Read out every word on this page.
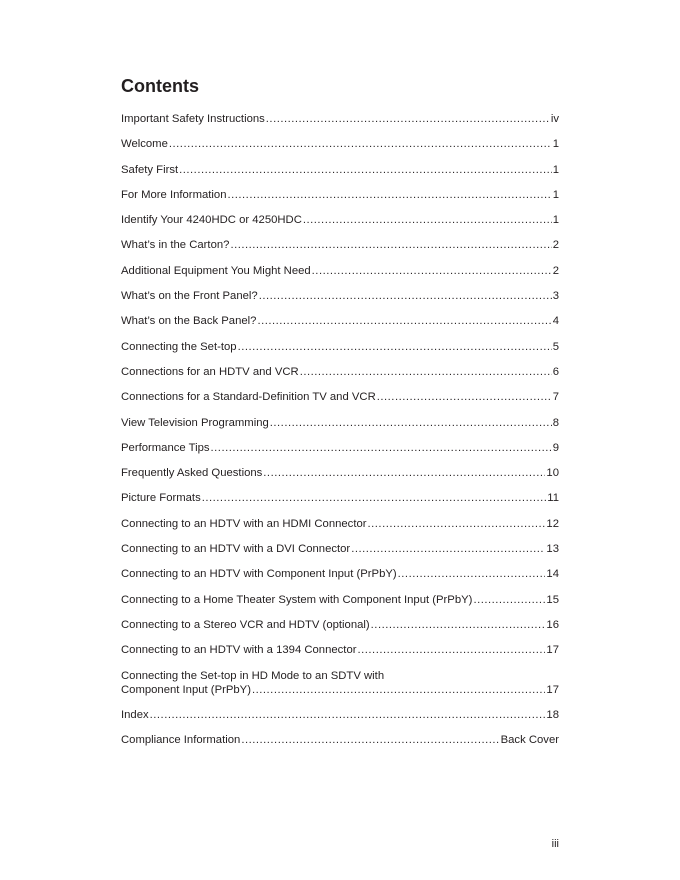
Contents
Important Safety Instructions .....	iv
Welcome .....	1
Safety First .....	1
For More Information .....	1
Identify Your 4240HDC or 4250HDC .....	1
What’s in the Carton? .....	2
Additional Equipment You Might Need .....	2
What’s on the Front Panel? .....	3
What’s on the Back Panel? .....	4
Connecting the Set-top .....	5
Connections for an HDTV and VCR .....	6
Connections for a Standard-Definition TV and VCR .....	7
View Television Programming .....	8
Performance Tips .....	9
Frequently Asked Questions .....	10
Picture Formats .....	11
Connecting to an HDTV with an HDMI Connector .....	12
Connecting to an HDTV with a DVI Connector .....	13
Connecting to an HDTV with Component Input (PrPbY) .....	14
Connecting to a Home Theater System with Component Input (PrPbY) .....	15
Connecting to a Stereo VCR and HDTV (optional) .....	16
Connecting to an HDTV with a 1394 Connector .....	17
Connecting the Set-top in HD Mode to an SDTV with
Component Input (PrPbY) .....	17
Index .....	18
Compliance Information .....	Back Cover
iii
